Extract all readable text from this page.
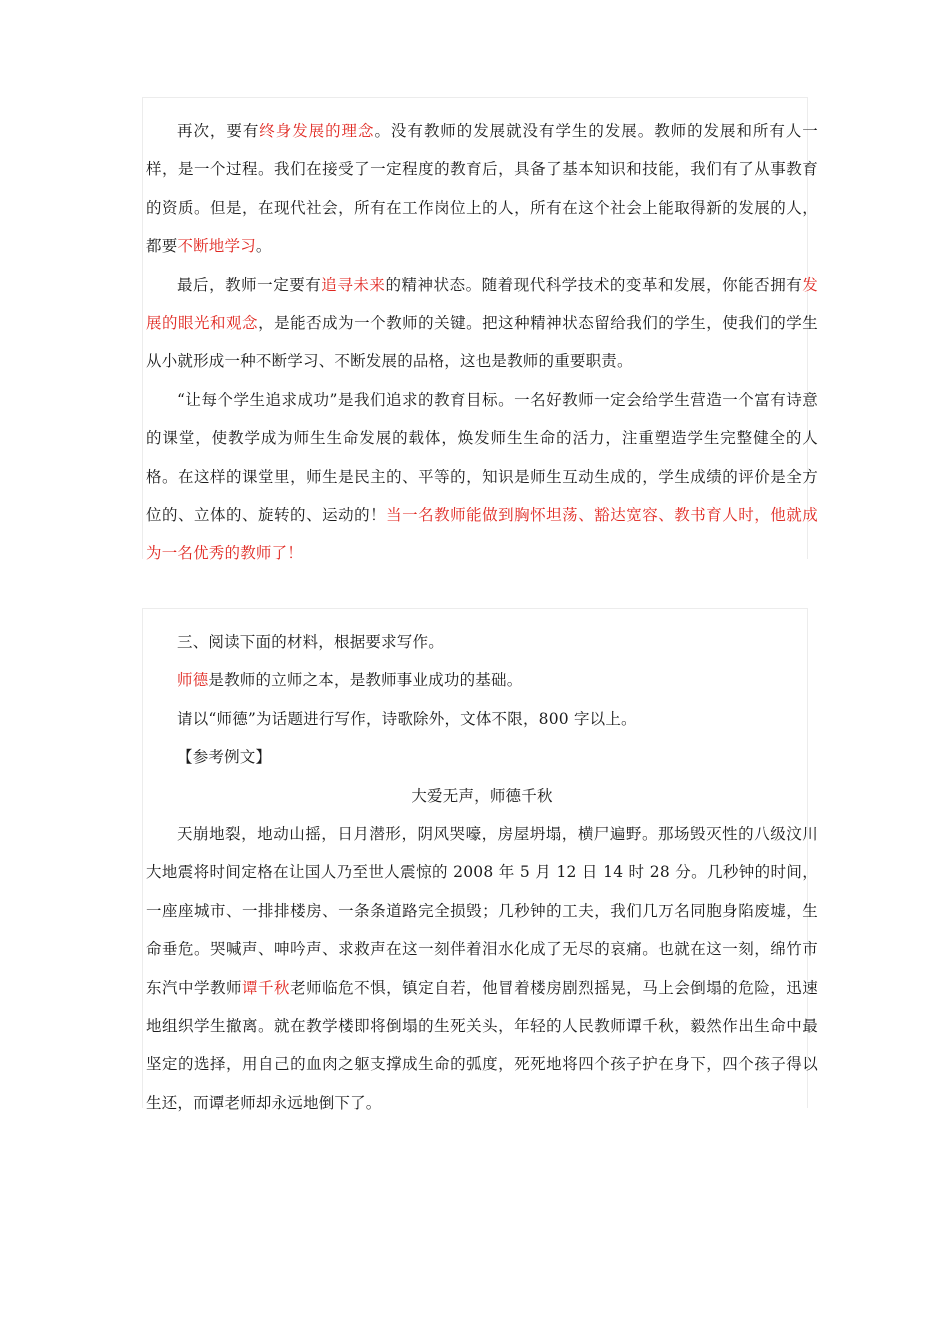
再次，要有终身发展的理念。没有教师的发展就没有学生的发展。教师的发展和所有人一样，是一个过程。我们在接受了一定程度的教育后，具备了基本知识和技能，我们有了从事教育的资质。但是，在现代社会，所有在工作岗位上的人，所有在这个社会上能取得新的发展的人，都要不断地学习。

最后，教师一定要有追寻未来的精神状态。随着现代科学技术的变革和发展，你能否拥有发展的眼光和观念，是能否成为一个教师的关键。把这种精神状态留给我们的学生，使我们的学生从小就形成一种不断学习、不断发展的品格，这也是教师的重要职责。

“让每个学生追求成功”是我们追求的教育目标。一名好教师一定会给学生营造一个富有诗意的课堂，使教学成为师生生命发展的载体，焕发师生生命的活力，注重塑造学生完整健全的人格。在这样的课堂里，师生是民主的、平等的，知识是师生互动生成的，学生成绩的评价是全方位的、立体的、旋转的、运动的！当一名教师能做到胸怀坦荡、豁达宽容、教书育人时，他就成为一名优秀的教师了！

三、阅读下面的材料，根据要求写作。

师德是教师的立师之本，是教师事业成功的基础。

请以“师德”为话题进行写作，诗歌除外，文体不限，800 字以上。

【参考例文】

大爱无声，师德千秋

天崩地裂，地动山摇，日月潜形，阴风哭嚎，房屋坍塌，横尸遍野。那场毁灭性的八级汶川大地震将时间定格在让国人乃至世人震惊的 2008 年 5 月 12 日 14 时 28 分。几秒钟的时间，一座座城市、一排排楼房、一条条道路完全损毁；几秒钟的工夫，我们几万名同胞身陷废墟，生命垂危。哭喊声、呻吟声、求救声在这一刻伴着泪水化成了无尽的哀痛。也就在这一刻，绵竹市东汽中学教师谭千秋老师临危不惧，镇定自若，他冒着楼房剧烈摇晃，马上会倒塌的危险，迅速地组织学生撤离。就在教学楼即将倒塌的生死关头，年轻的人民教师谭千秋，毅然作出生命中最坚定的选择，用自己的血肉之躯支撑成生命的弧度，死死地将四个孩子护在身下，四个孩子得以生还，而谭老师却永远地倒下了。
